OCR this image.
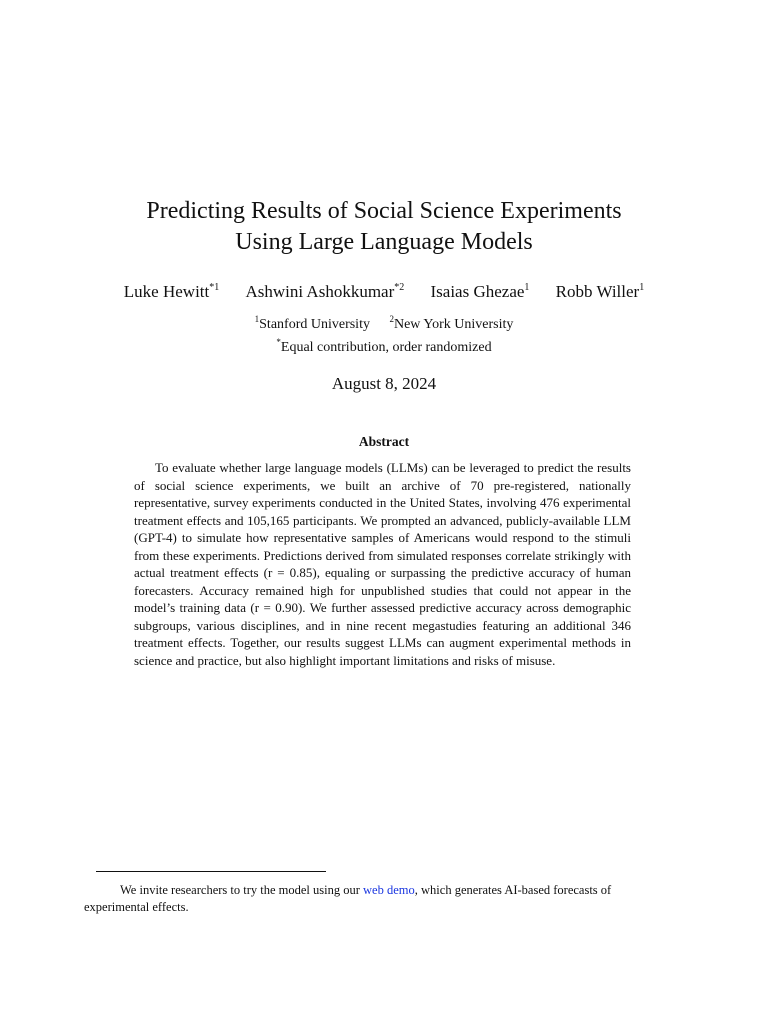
Predicting Results of Social Science Experiments
Using Large Language Models
Luke Hewitt$^{*1}$ Ashwini Ashokkumar$^{*2}$ Isaias Ghezae$^1$ Robb Willer$^1$
$^1$Stanford University $^2$New York University
*Equal contribution, order randomized
August 8, 2024
Abstract
To evaluate whether large language models (LLMs) can be leveraged to predict the results of social science experiments, we built an archive of 70 pre-registered, nationally representative, survey experiments conducted in the United States, involving 476 experimental treatment effects and 105,165 participants. We prompted an advanced, publicly-available LLM (GPT-4) to simulate how representative samples of Americans would respond to the stimuli from these experiments. Predictions derived from simulated responses correlate strikingly with actual treatment effects (r = 0.85), equaling or surpassing the predictive accuracy of human forecasters. Accuracy remained high for unpublished studies that could not appear in the model’s training data (r = 0.90). We further assessed predictive accuracy across demographic subgroups, various disciplines, and in nine recent megastudies featuring an additional 346 treatment effects. Together, our results suggest LLMs can augment experimental methods in science and practice, but also highlight important limitations and risks of misuse.
We invite researchers to try the model using our web demo, which generates AI-based forecasts of experimental effects.
